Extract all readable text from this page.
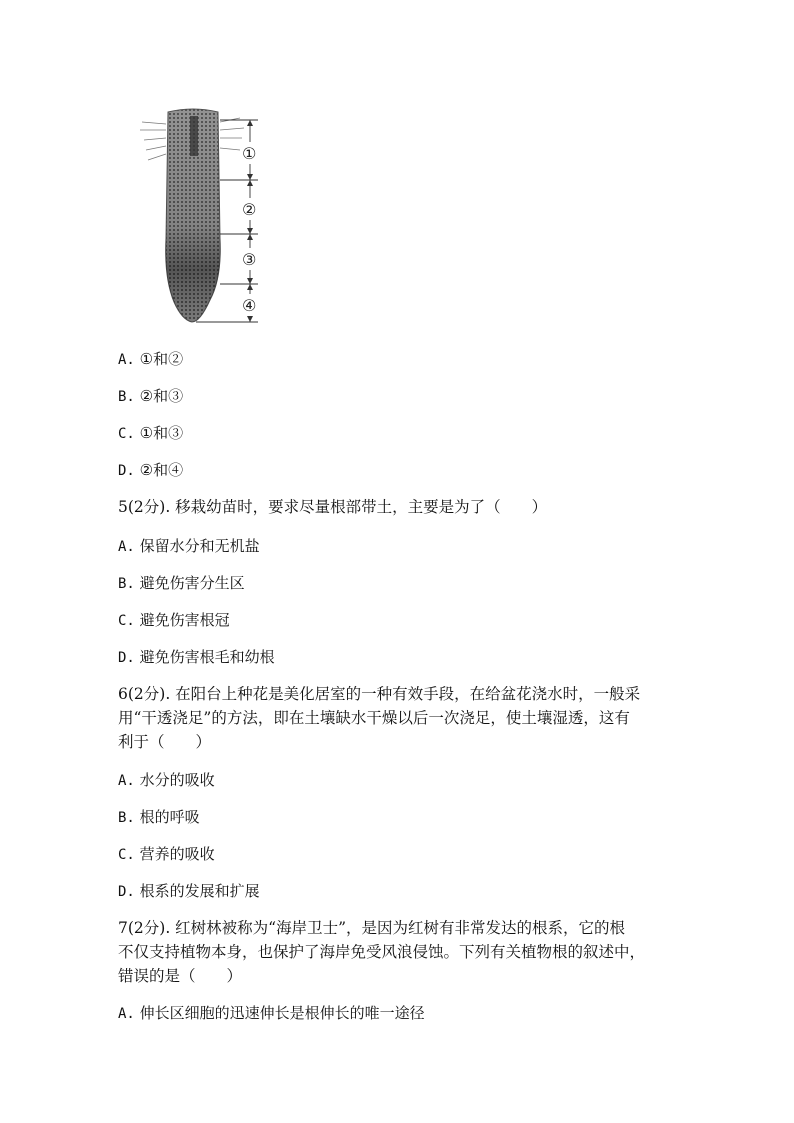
①
②
③
④
A. ①和②
B. ②和③
C. ①和③
D. ②和④
5(2分). 移栽幼苗时，要求尽量根部带土，主要是为了（　　）
A. 保留水分和无机盐
B. 避免伤害分生区
C. 避免伤害根冠
D. 避免伤害根毛和幼根
6(2分). 在阳台上种花是美化居室的一种有效手段，在给盆花浇水时，一般采
用“干透浇足”的方法，即在土壤缺水干燥以后一次浇足，使土壤湿透，这有
利于（　　）
A. 水分的吸收
B. 根的呼吸
C. 营养的吸收
D. 根系的发展和扩展
7(2分). 红树林被称为“海岸卫士”，是因为红树有非常发达的根系，它的根
不仅支持植物本身，也保护了海岸免受风浪侵蚀。下列有关植物根的叙述中，
错误的是（　　）
A. 伸长区细胞的迅速伸长是根伸长的唯一途径
